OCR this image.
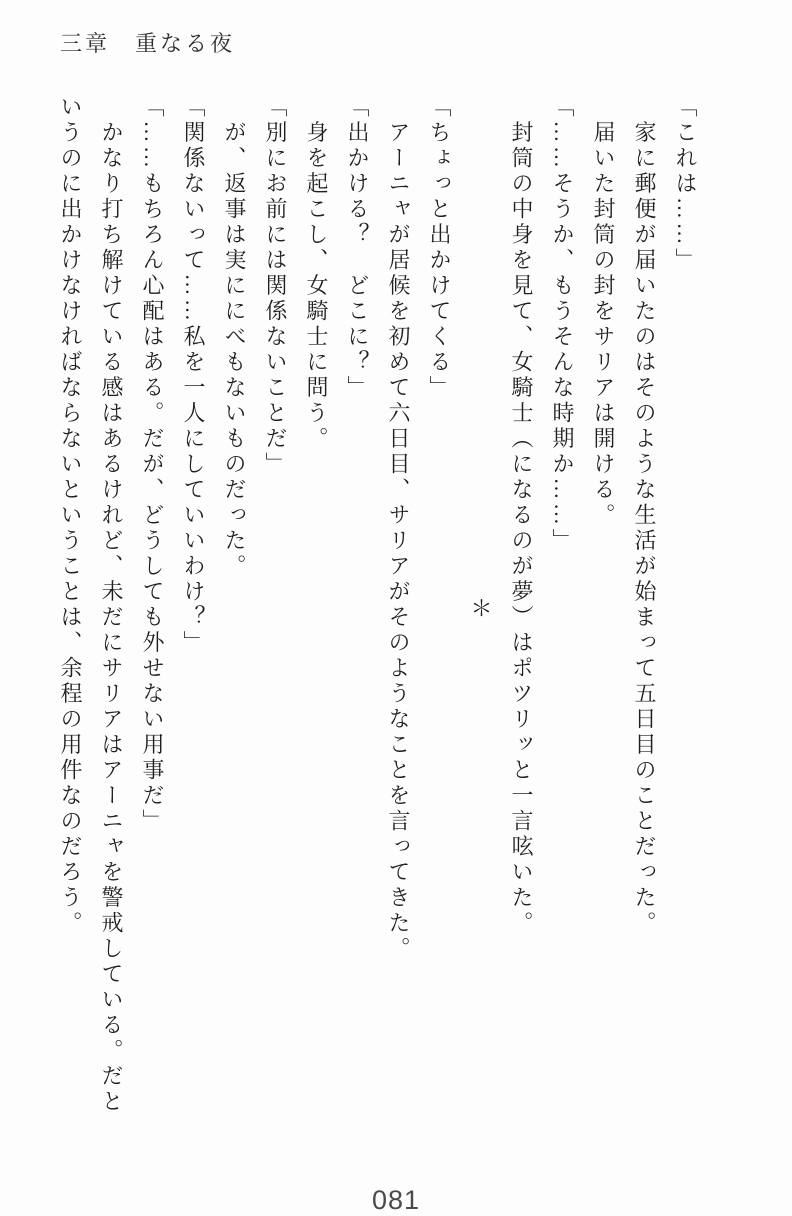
三章　重なる夜

「これは……」

　家に郵便が届いたのはそのような生活が始まって五日目のことだった。

　届いた封筒の封をサリアは開ける。

「……そうか、もうそんな時期か……」

　封筒の中身を見て、女騎士（になるのが夢）はポツリッと一言呟いた。

＊

「ちょっと出かけてくる」

　アーニャが居候を初めて六日目、サリアがそのようなことを言ってきた。

「出かける？　どこに？」

　身を起こし、女騎士に問う。

「別にお前には関係ないことだ」

　が、返事は実ににべもないものだった。

「関係ないって……私を一人にしていいわけ？」

「……もちろん心配はある。だが、どうしても外せない用事だ」

　かなり打ち解けている感はあるけれど、未だにサリアはアーニャを警戒している。だと

いうのに出かけなければならないということは、余程の用件なのだろう。

081
